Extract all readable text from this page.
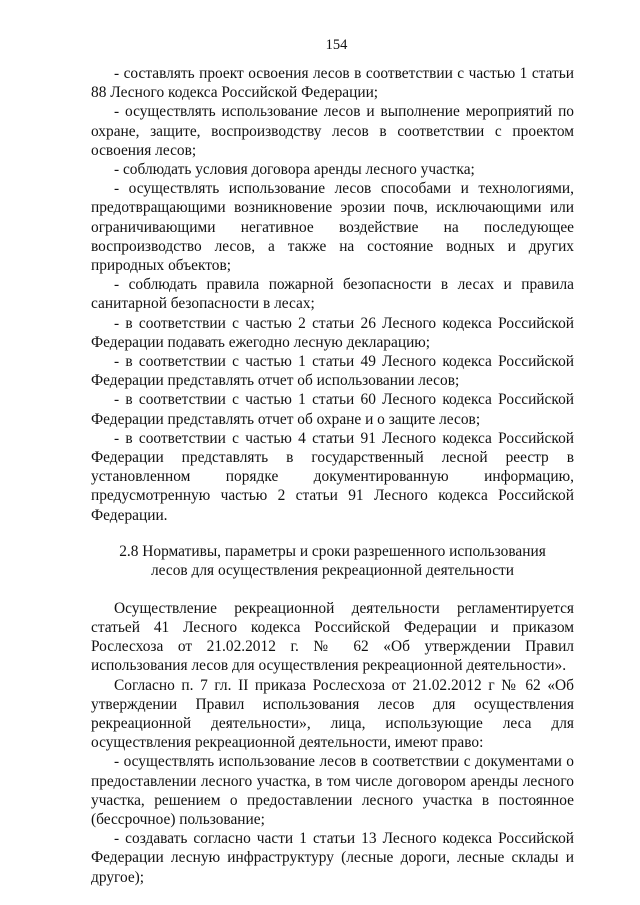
154

- составлять проект освоения лесов в соответствии с частью 1 статьи 88 Лесного кодекса Российской Федерации;

- осуществлять использование лесов и выполнение мероприятий по охране, защите, воспроизводству лесов в соответствии с проектом освоения лесов;

- соблюдать условия договора аренды лесного участка;

- осуществлять использование лесов способами и технологиями, предотвращающими возникновение эрозии почв, исключающими или ограничивающими негативное воздействие на последующее воспроизводство лесов, а также на состояние водных и других природных объектов;

- соблюдать правила пожарной безопасности в лесах и правила санитарной безопасности в лесах;

- в соответствии с частью 2 статьи 26 Лесного кодекса Российской Федерации подавать ежегодно лесную декларацию;

- в соответствии с частью 1 статьи 49 Лесного кодекса Российской Федерации представлять отчет об использовании лесов;

- в соответствии с частью 1 статьи 60 Лесного кодекса Российской Федерации представлять отчет об охране и о защите лесов;

- в соответствии с частью 4 статьи 91 Лесного кодекса Российской Федерации представлять в государственный лесной реестр в установленном порядке документированную информацию, предусмотренную частью 2 статьи 91 Лесного кодекса Российской Федерации.

2.8 Нормативы, параметры и сроки разрешенного использования
лесов для осуществления рекреационной деятельности

Осуществление рекреационной деятельности регламентируется статьей 41 Лесного кодекса Российской Федерации и приказом Рослесхоза от 21.02.2012 г. № 62 «Об утверждении Правил использования лесов для осуществления рекреационной деятельности».

Согласно п. 7 гл. II приказа Рослесхоза от 21.02.2012 г № 62 «Об утверждении Правил использования лесов для осуществления рекреационной деятельности», лица, использующие леса для осуществления рекреационной деятельности, имеют право:

- осуществлять использование лесов в соответствии с документами о предоставлении лесного участка, в том числе договором аренды лесного участка, решением о предоставлении лесного участка в постоянное (бессрочное) пользование;

- создавать согласно части 1 статьи 13 Лесного кодекса Российской Федерации лесную инфраструктуру (лесные дороги, лесные склады и другое);
